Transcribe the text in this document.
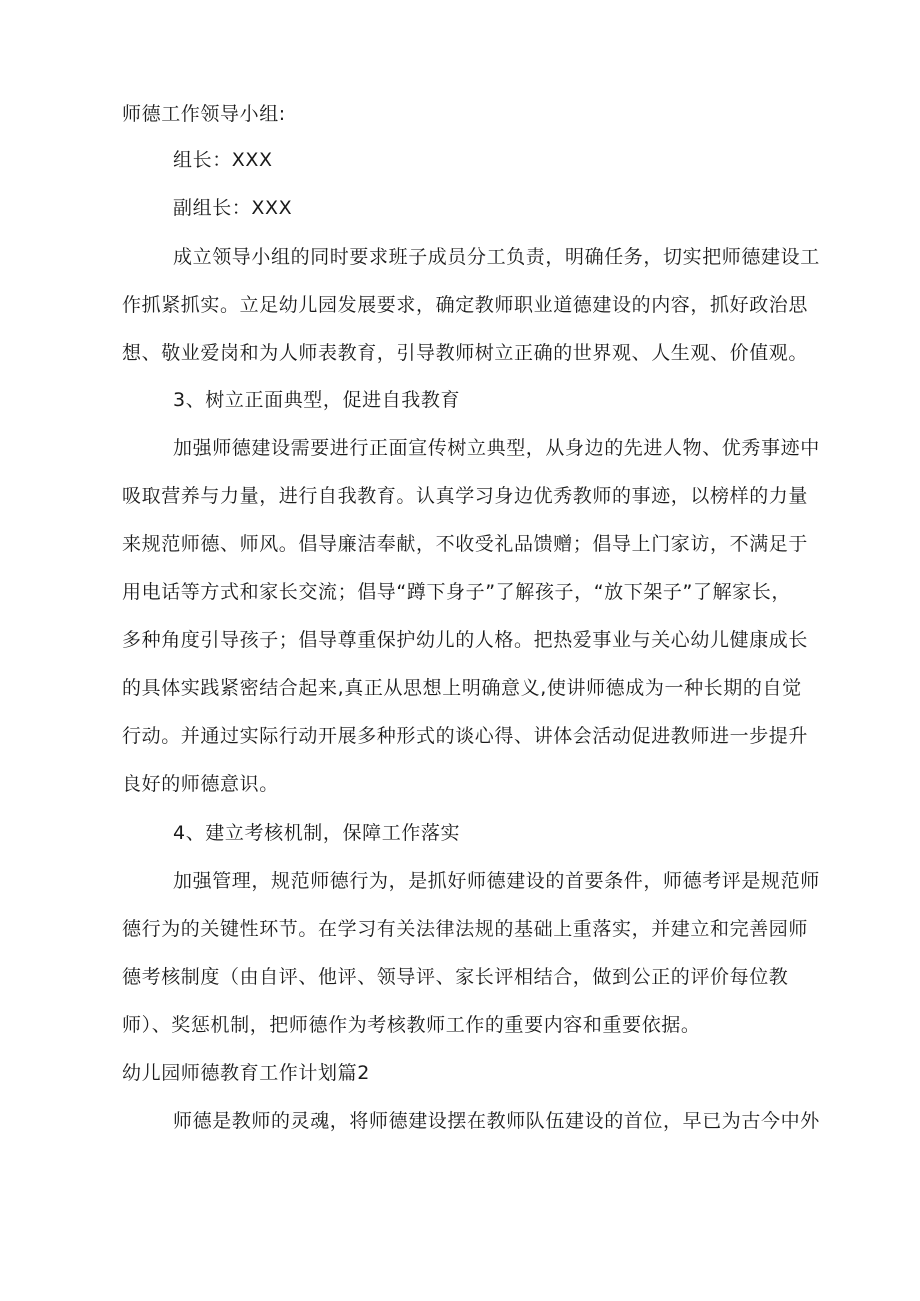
师德工作领导小组:
组长：XXX
副组长：XXX
成立领导小组的同时要求班子成员分工负责，明确任务，切实把师德建设工
作抓紧抓实。立足幼儿园发展要求，确定教师职业道德建设的内容，抓好政治思
想、敬业爱岗和为人师表教育，引导教师树立正确的世界观、人生观、价值观。
3、树立正面典型，促进自我教育
加强师德建设需要进行正面宣传树立典型，从身边的先进人物、优秀事迹中
吸取营养与力量，进行自我教育。认真学习身边优秀教师的事迹，以榜样的力量
来规范师德、师风。倡导廉洁奉献，不收受礼品馈赠；倡导上门家访，不满足于
用电话等方式和家长交流；倡导“蹲下身子”了解孩子，“放下架子”了解家长，
多种角度引导孩子；倡导尊重保护幼儿的人格。把热爱事业与关心幼儿健康成长
的具体实践紧密结合起来,真正从思想上明确意义,使讲师德成为一种长期的自觉
行动。并通过实际行动开展多种形式的谈心得、讲体会活动促进教师进一步提升
良好的师德意识。
4、建立考核机制，保障工作落实
加强管理，规范师德行为，是抓好师德建设的首要条件，师德考评是规范师
德行为的关键性环节。在学习有关法律法规的基础上重落实，并建立和完善园师
德考核制度（由自评、他评、领导评、家长评相结合，做到公正的评价每位教
师）、奖惩机制，把师德作为考核教师工作的重要内容和重要依据。
幼儿园师德教育工作计划篇2
师德是教师的灵魂，将师德建设摆在教师队伍建设的首位，早已为古今中外
